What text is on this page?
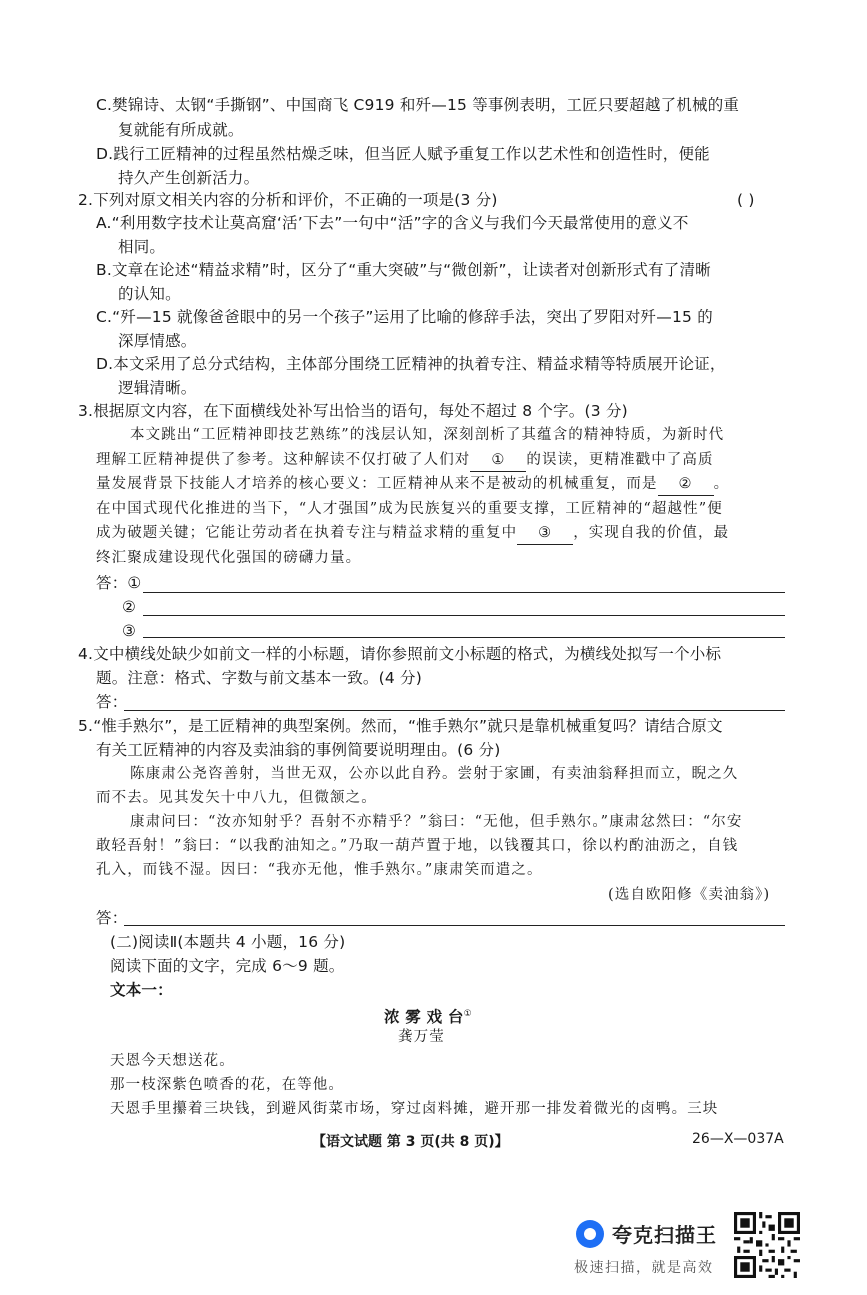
C.樊锦诗、太钢“手撕钢”、中国商飞 C919 和歼—15 等事例表明，工匠只要超越了机械的重
复就能有所成就。
D.践行工匠精神的过程虽然枯燥乏味，但当匠人赋予重复工作以艺术性和创造性时，便能
持久产生创新活力。
2.下列对原文相关内容的分析和评价，不正确的一项是(3 分)	( )
A.“利用数字技术让莫高窟‘活’下去”一句中“活”字的含义与我们今天最常使用的意义不
相同。
B.文章在论述“精益求精”时，区分了“重大突破”与“微创新”，让读者对创新形式有了清晰
的认知。
C.“歼—15 就像爸爸眼中的另一个孩子”运用了比喻的修辞手法，突出了罗阳对歼—15 的
深厚情感。
D.本文采用了总分式结构，主体部分围绕工匠精神的执着专注、精益求精等特质展开论证，
逻辑清晰。
3.根据原文内容，在下面横线处补写出恰当的语句，每处不超过 8 个字。(3 分)
本文跳出“工匠精神即技艺熟练”的浅层认知，深刻剖析了其蕴含的精神特质，为新时代
理解工匠精神提供了参考。这种解读不仅打破了人们对 ① 的误读，更精准戳中了高质
量发展背景下技能人才培养的核心要义：工匠精神从来不是被动的机械重复，而是 ② 。
在中国式现代化推进的当下，“人才强国”成为民族复兴的重要支撑，工匠精神的“超越性”便
成为破题关键；它能让劳动者在执着专注与精益求精的重复中 ③ ，实现自我的价值，最
终汇聚成建设现代化强国的磅礴力量。
答：①
②
③
4.文中横线处缺少如前文一样的小标题，请你参照前文小标题的格式，为横线处拟写一个小标
题。注意：格式、字数与前文基本一致。(4 分)
答：
5.“惟手熟尔”，是工匠精神的典型案例。然而，“惟手熟尔”就只是靠机械重复吗？请结合原文
有关工匠精神的内容及卖油翁的事例简要说明理由。(6 分)
陈康肃公尧咨善射，当世无双，公亦以此自矜。尝射于家圃，有卖油翁释担而立，睨之久
而不去。见其发矢十中八九，但微颔之。
康肃问曰：“汝亦知射乎？吾射不亦精乎？”翁曰：“无他，但手熟尔。”康肃忿然曰：“尔安
敢轻吾射！”翁曰：“以我酌油知之。”乃取一葫芦置于地，以钱覆其口，徐以杓酌油沥之，自钱
孔入，而钱不湿。因曰：“我亦无他，惟手熟尔。”康肃笑而遣之。
(选自欧阳修《卖油翁》)
答：
(二)阅读Ⅱ(本题共 4 小题，16 分)
阅读下面的文字，完成 6～9 题。
文本一：
浓 雾 戏 台①
龚万莹
天恩今天想送花。
那一枝深紫色喷香的花，在等他。
天恩手里攥着三块钱，到避风街菜市场，穿过卤料摊，避开那一排发着微光的卤鸭。三块
【语文试题 第 3 页(共 8 页)】	26—X—037A
夸克扫描王
极速扫描，就是高效
